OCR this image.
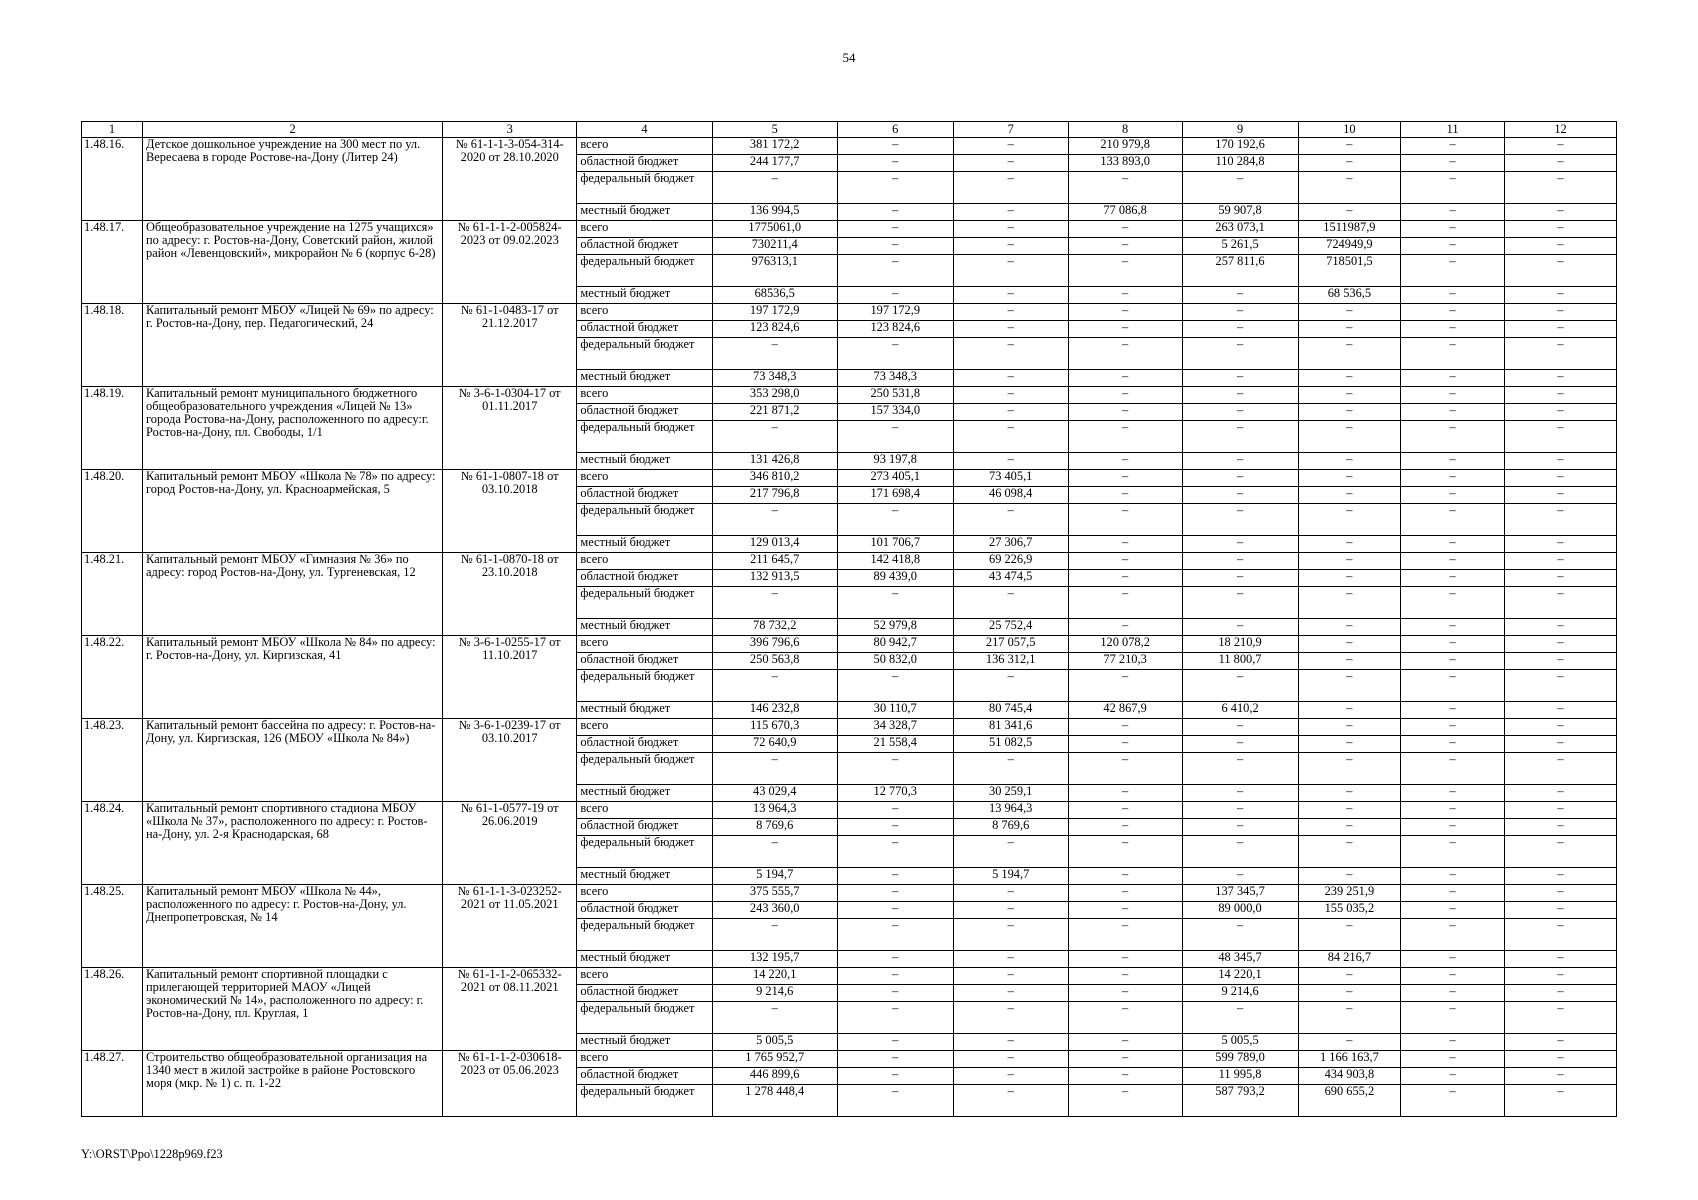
54
1	2	3	4	5	6	7	8	9	10	11	12
1.48.16.	Детское дошкольное учреждение на 300 мест по ул. Вересаева в городе Ростове-на-Дону (Литер 24)	№ 61-1-1-3-054-314-2020 от 28.10.2020	всего	381 172,2	–	–	210 979,8	170 192,6	–	–	–
			областной бюджет	244 177,7	–	–	133 893,0	110 284,8	–	–	–
			федеральный бюджет	–	–	–	–	–	–	–	–
			местный бюджет	136 994,5	–	–	77 086,8	59 907,8	–	–	–
1.48.17.	Общеобразовательное учреждение на 1275 учащихся» по адресу: г. Ростов-на-Дону, Советский район, жилой район «Левенцовский», микрорайон № 6 (корпус 6-28)	№ 61-1-1-2-005824-2023 от 09.02.2023	всего	1775061,0	–	–	–	263 073,1	1511987,9	–	–
			областной бюджет	730211,4	–	–	–	5 261,5	724949,9	–	–
			федеральный бюджет	976313,1	–	–	–	257 811,6	718501,5	–	–
			местный бюджет	68536,5	–	–	–	–	68 536,5	–	–
1.48.18.	Капитальный ремонт МБОУ «Лицей № 69» по адресу: г. Ростов-на-Дону, пер. Педагогический, 24	№ 61-1-0483-17 от 21.12.2017	всего	197 172,9	197 172,9	–	–	–	–	–	–
			областной бюджет	123 824,6	123 824,6	–	–	–	–	–	–
			федеральный бюджет	–	–	–	–	–	–	–	–
			местный бюджет	73 348,3	73 348,3	–	–	–	–	–	–
1.48.19.	Капитальный ремонт муниципального бюджетного общеобразовательного учреждения «Лицей № 13» города Ростова-на-Дону, расположенного по адресу:г. Ростов-на-Дону, пл. Свободы, 1/1	№ 3-6-1-0304-17 от 01.11.2017	всего	353 298,0	250 531,8	–	–	–	–	–	–
			областной бюджет	221 871,2	157 334,0	–	–	–	–	–	–
			федеральный бюджет	–	–	–	–	–	–	–	–
			местный бюджет	131 426,8	93 197,8	–	–	–	–	–	–
1.48.20.	Капитальный ремонт МБОУ «Школа № 78» по адресу: город Ростов-на-Дону, ул. Красноармейская, 5	№ 61-1-0807-18 от 03.10.2018	всего	346 810,2	273 405,1	73 405,1	–	–	–	–	–
			областной бюджет	217 796,8	171 698,4	46 098,4	–	–	–	–	–
			федеральный бюджет	–	–	–	–	–	–	–	–
			местный бюджет	129 013,4	101 706,7	27 306,7	–	–	–	–	–
1.48.21.	Капитальный ремонт МБОУ «Гимназия № 36» по адресу: город Ростов-на-Дону, ул. Тургеневская, 12	№ 61-1-0870-18 от 23.10.2018	всего	211 645,7	142 418,8	69 226,9	–	–	–	–	–
			областной бюджет	132 913,5	89 439,0	43 474,5	–	–	–	–	–
			федеральный бюджет	–	–	–	–	–	–	–	–
			местный бюджет	78 732,2	52 979,8	25 752,4	–	–	–	–	–
1.48.22.	Капитальный ремонт МБОУ «Школа № 84» по адресу: г. Ростов-на-Дону, ул. Киргизская, 41	№ 3-6-1-0255-17 от 11.10.2017	всего	396 796,6	80 942,7	217 057,5	120 078,2	18 210,9	–	–	–
			областной бюджет	250 563,8	50 832,0	136 312,1	77 210,3	11 800,7	–	–	–
			федеральный бюджет	–	–	–	–	–	–	–	–
			местный бюджет	146 232,8	30 110,7	80 745,4	42 867,9	6 410,2	–	–	–
1.48.23.	Капитальный ремонт бассейна по адресу: г. Ростов-на-Дону, ул. Киргизская, 126 (МБОУ «Школа № 84»)	№ 3-6-1-0239-17 от 03.10.2017	всего	115 670,3	34 328,7	81 341,6	–	–	–	–	–
			областной бюджет	72 640,9	21 558,4	51 082,5	–	–	–	–	–
			федеральный бюджет	–	–	–	–	–	–	–	–
			местный бюджет	43 029,4	12 770,3	30 259,1	–	–	–	–	–
1.48.24.	Капитальный ремонт спортивного стадиона МБОУ «Школа № 37», расположенного по адресу: г. Ростов-на-Дону, ул. 2-я Краснодарская, 68	№ 61-1-0577-19 от 26.06.2019	всего	13 964,3	–	13 964,3	–	–	–	–	–
			областной бюджет	8 769,6	–	8 769,6	–	–	–	–	–
			федеральный бюджет	–	–	–	–	–	–	–	–
			местный бюджет	5 194,7	–	5 194,7	–	–	–	–	–
1.48.25.	Капитальный ремонт МБОУ «Школа № 44», расположенного по адресу: г. Ростов-на-Дону, ул. Днепропетровская, № 14	№ 61-1-1-3-023252-2021 от 11.05.2021	всего	375 555,7	–	–	–	137 345,7	239 251,9	–	–
			областной бюджет	243 360,0	–	–	–	89 000,0	155 035,2	–	–
			федеральный бюджет	–	–	–	–	–	–	–	–
			местный бюджет	132 195,7	–	–	–	48 345,7	84 216,7	–	–
1.48.26.	Капитальный ремонт спортивной площадки с прилегающей территорией МАОУ «Лицей экономический № 14», расположенного по адресу: г. Ростов-на-Дону, пл. Круглая, 1	№ 61-1-1-2-065332-2021 от 08.11.2021	всего	14 220,1	–	–	–	14 220,1	–	–	–
			областной бюджет	9 214,6	–	–	–	9 214,6	–	–	–
			федеральный бюджет	–	–	–	–	–	–	–	–
			местный бюджет	5 005,5	–	–	–	5 005,5	–	–	–
1.48.27.	Строительство общеобразовательной организация на 1340 мест в жилой застройке в районе Ростовского моря (мкр. № 1) с. п. 1-22	№ 61-1-1-2-030618-2023 от 05.06.2023	всего	1 765 952,7	–	–	–	599 789,0	1 166 163,7	–	–
			областной бюджет	446 899,6	–	–	–	11 995,8	434 903,8	–	–
			федеральный бюджет	1 278 448,4	–	–	–	587 793,2	690 655,2	–	–
Y:\ORST\Ppo\1228p969.f23
